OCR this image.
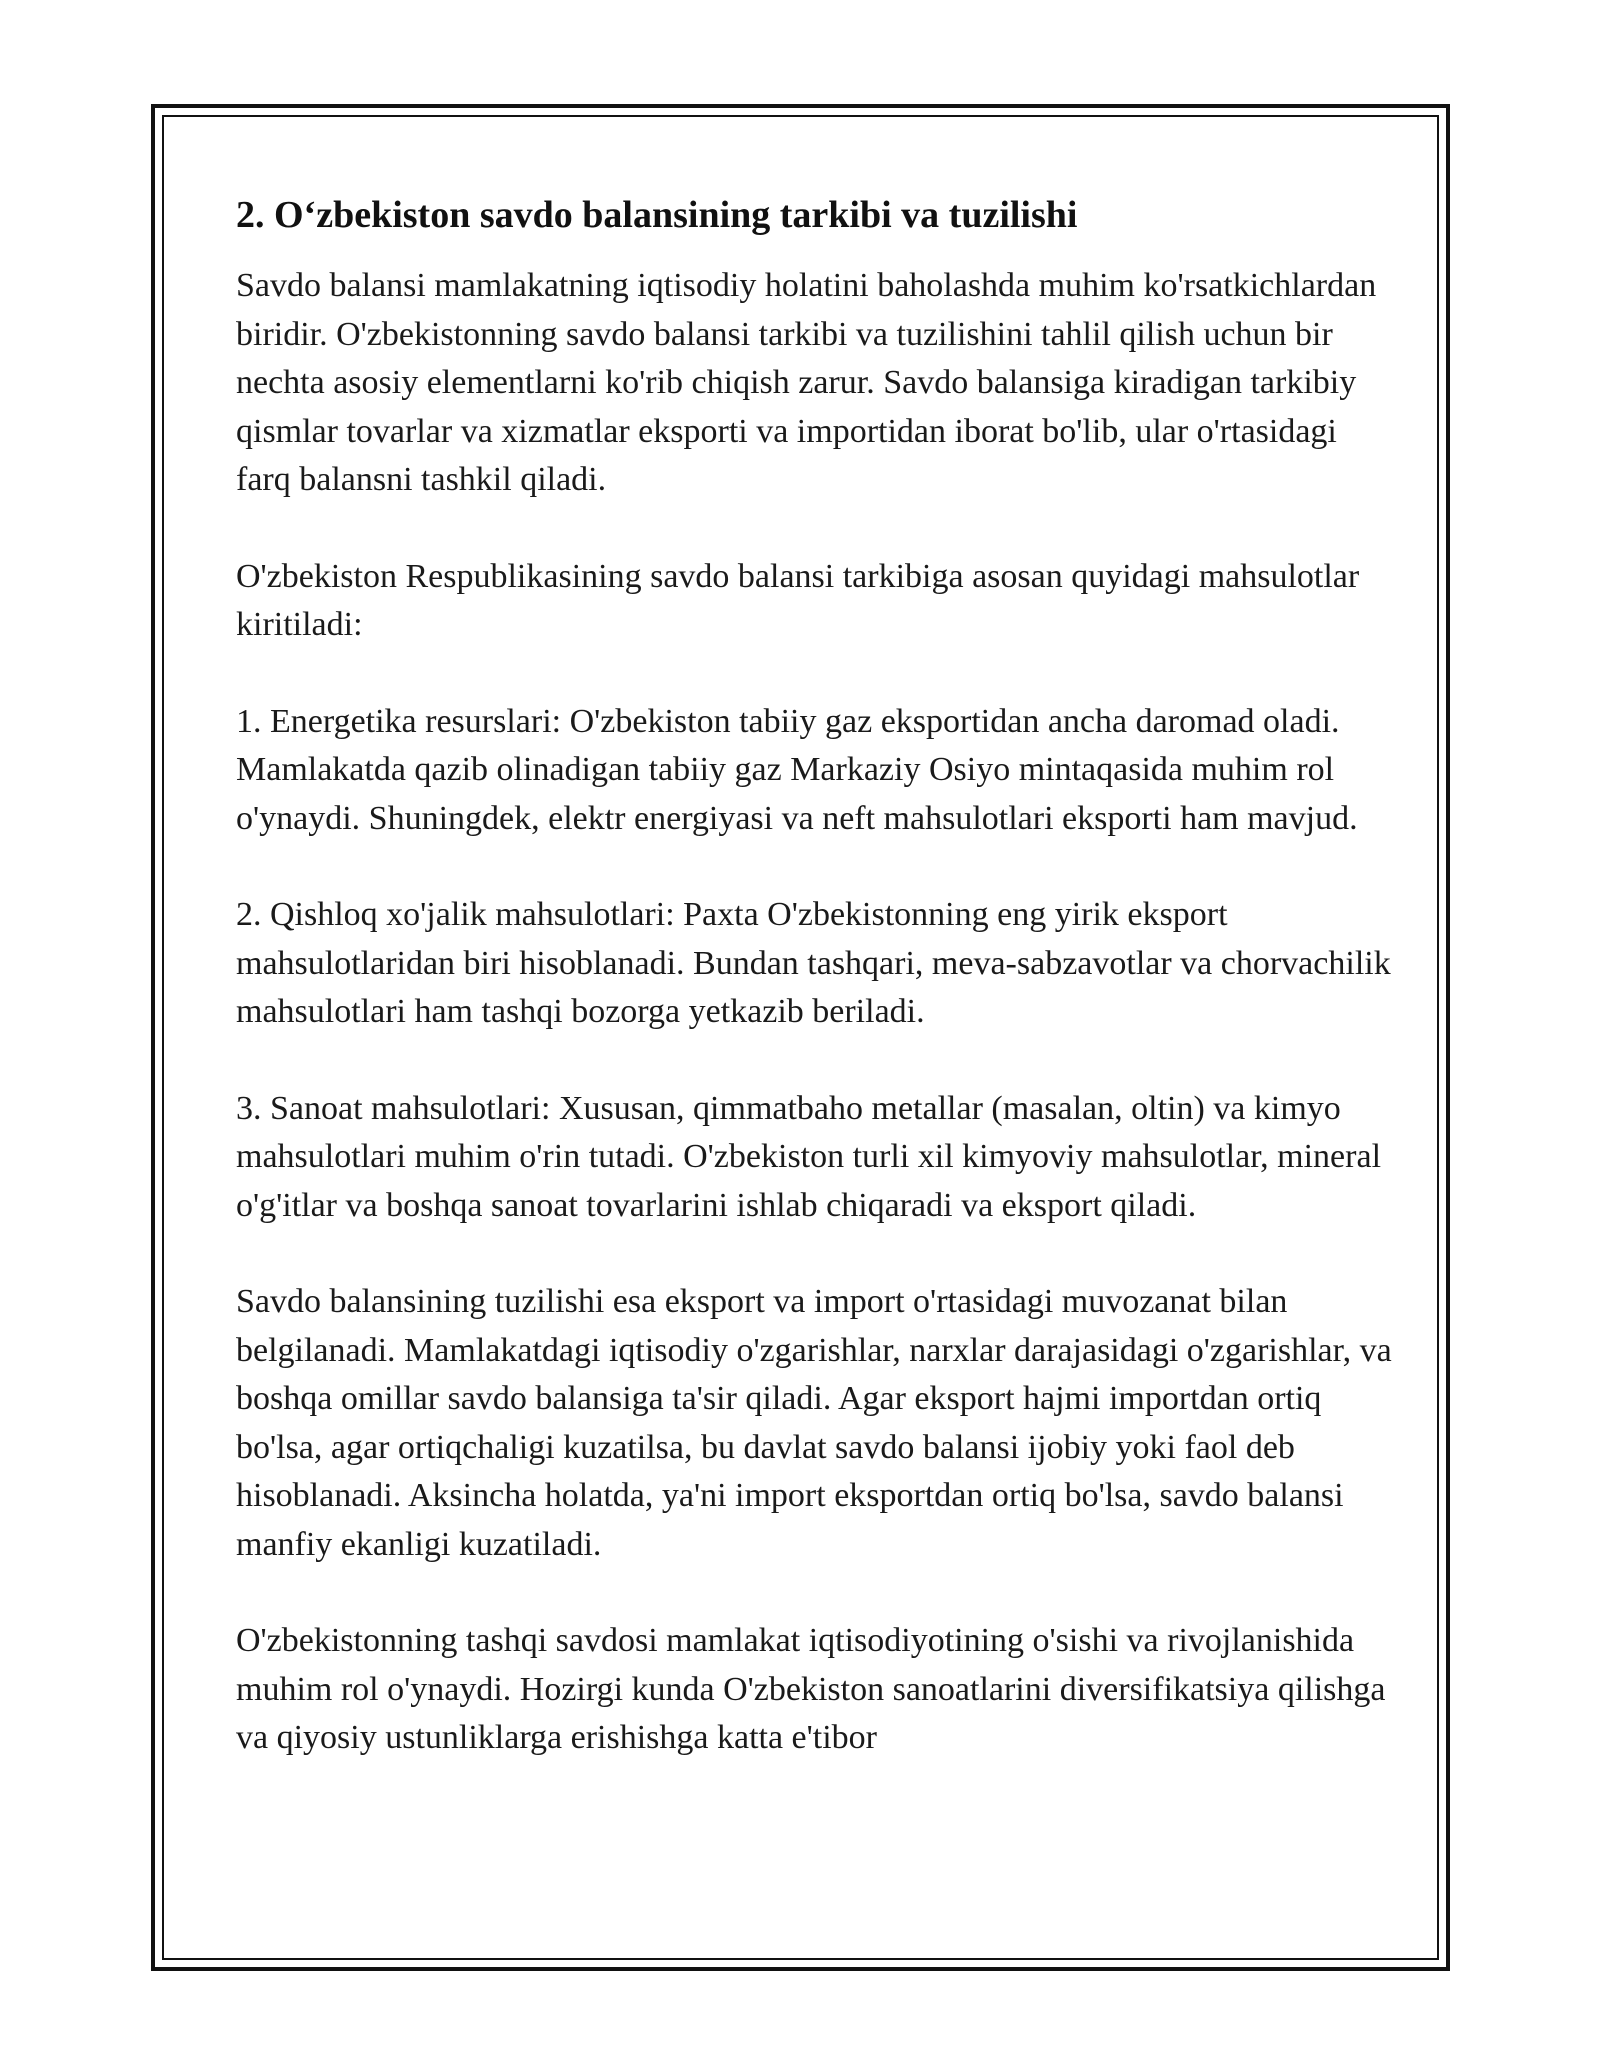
2. O‘zbekiston savdo balansining tarkibi va tuzilishi

Savdo balansi mamlakatning iqtisodiy holatini baholashda muhim ko'rsatkichlardan biridir. O'zbekistonning savdo balansi tarkibi va tuzilishini tahlil qilish uchun bir nechta asosiy elementlarni ko'rib chiqish zarur. Savdo balansiga kiradigan tarkibiy qismlar tovarlar va xizmatlar eksporti va importidan iborat bo'lib, ular o'rtasidagi farq balansni tashkil qiladi.

O'zbekiston Respublikasining savdo balansi tarkibiga asosan quyidagi mahsulotlar kiritiladi:

1. Energetika resurslari: O'zbekiston tabiiy gaz eksportidan ancha daromad oladi. Mamlakatda qazib olinadigan tabiiy gaz Markaziy Osiyo mintaqasida muhim rol o'ynaydi. Shuningdek, elektr energiyasi va neft mahsulotlari eksporti ham mavjud.

2. Qishloq xo'jalik mahsulotlari: Paxta O'zbekistonning eng yirik eksport mahsulotlaridan biri hisoblanadi. Bundan tashqari, meva-sabzavotlar va chorvachilik mahsulotlari ham tashqi bozorga yetkazib beriladi.

3. Sanoat mahsulotlari: Xususan, qimmatbaho metallar (masalan, oltin) va kimyo mahsulotlari muhim o'rin tutadi. O'zbekiston turli xil kimyoviy mahsulotlar, mineral o'g'itlar va boshqa sanoat tovarlarini ishlab chiqaradi va eksport qiladi.

Savdo balansining tuzilishi esa eksport va import o'rtasidagi muvozanat bilan belgilanadi. Mamlakatdagi iqtisodiy o'zgarishlar, narxlar darajasidagi o'zgarishlar, va boshqa omillar savdo balansiga ta'sir qiladi. Agar eksport hajmi importdan ortiq bo'lsa, agar ortiqchaligi kuzatilsa, bu davlat savdo balansi ijobiy yoki faol deb hisoblanadi. Aksincha holatda, ya'ni import eksportdan ortiq bo'lsa, savdo balansi manfiy ekanligi kuzatiladi.

O'zbekistonning tashqi savdosi mamlakat iqtisodiyotining o'sishi va rivojlanishida muhim rol o'ynaydi. Hozirgi kunda O'zbekiston sanoatlarini diversifikatsiya qilishga va qiyosiy ustunliklarga erishishga katta e'tibor
